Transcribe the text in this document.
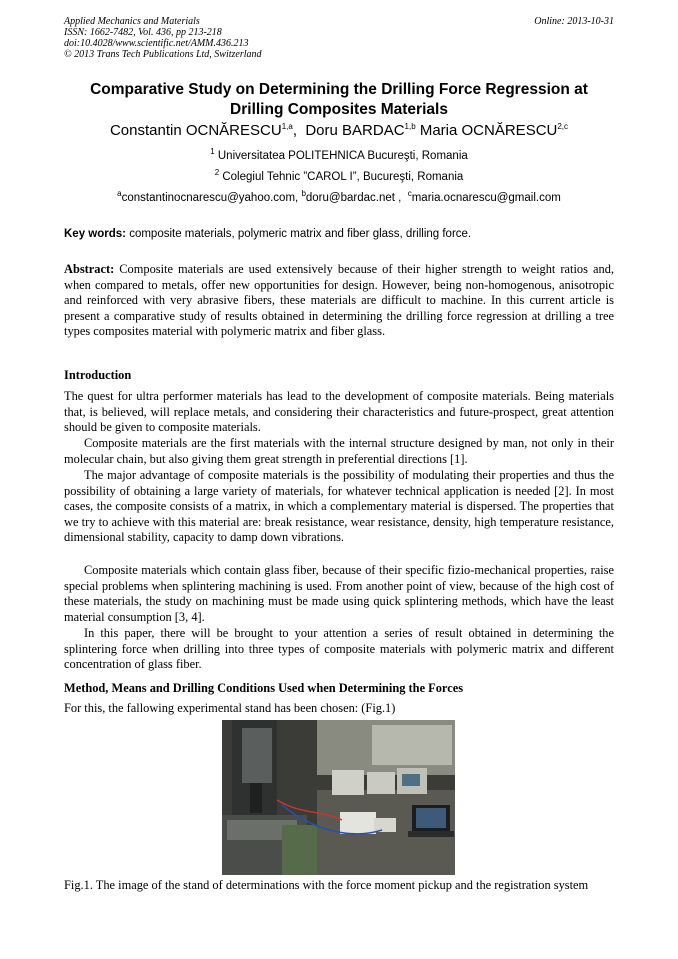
Applied Mechanics and Materials
ISSN: 1662-7482, Vol. 436, pp 213-218
doi:10.4028/www.scientific.net/AMM.436.213
© 2013 Trans Tech Publications Ltd, Switzerland
Online: 2013-10-31
Comparative Study on Determining the Drilling Force Regression at Drilling Composites Materials
Constantin OCNĂRESCU$^{1,a}$,  Doru BARDAC$^{1,b}$ Maria OCNĂRESCU$^{2,c}$
$^1$ Universitatea POLITEHNICA Bucureşti, Romania
$^2$ Colegiul Tehnic ”CAROL I”, Bucureşti, Romania
$^a$constantinocnarescu@yahoo.com, $^b$doru@bardac.net ,  $^c$maria.ocnarescu@gmail.com
Key words: composite materials, polymeric matrix and fiber glass, drilling force.

Abstract: Composite materials are used extensively because of their higher strength to weight ratios and, when compared to metals, offer new opportunities for design. However, being non-homogenous, anisotropic and reinforced with very abrasive fibers, these materials are difficult to machine. In this current article is present a comparative study of results obtained in determining the drilling force regression at drilling a tree types composites material with polymeric matrix and fiber glass.

Introduction

The quest for ultra performer materials has lead to the development of composite materials. Being materials that, is believed, will replace metals, and considering their characteristics and future-prospect, great attention should be given to composite materials.

Composite materials are the first materials with the internal structure designed by man, not only in their molecular chain, but also giving them great strength in preferential directions [1].

The major advantage of composite materials is the possibility of modulating their properties and thus the possibility of obtaining a large variety of materials, for whatever technical application is needed [2]. In most cases, the composite consists of a matrix, in which a complementary material is dispersed. The properties that we try to achieve with this material are: break resistance, wear resistance, density, high temperature resistance, dimensional stability, capacity to damp down vibrations.

Composite materials which contain glass fiber, because of their specific fizio-mechanical properties, raise special problems when splintering machining is used. From another point of view, because of the high cost of these materials, the study on machining must be made using quick splintering methods, which have the least material consumption [3, 4].

In this paper, there will be brought to your attention a series of result obtained in determining the splintering force when drilling into three types of composite materials with polymeric matrix and different concentration of glass fiber.

Method, Means and Drilling Conditions Used when Determining the Forces

For this, the fallowing experimental stand has been chosen: (Fig.1)

Fig.1. The image of the stand of determinations with the force moment pickup and the registration system
